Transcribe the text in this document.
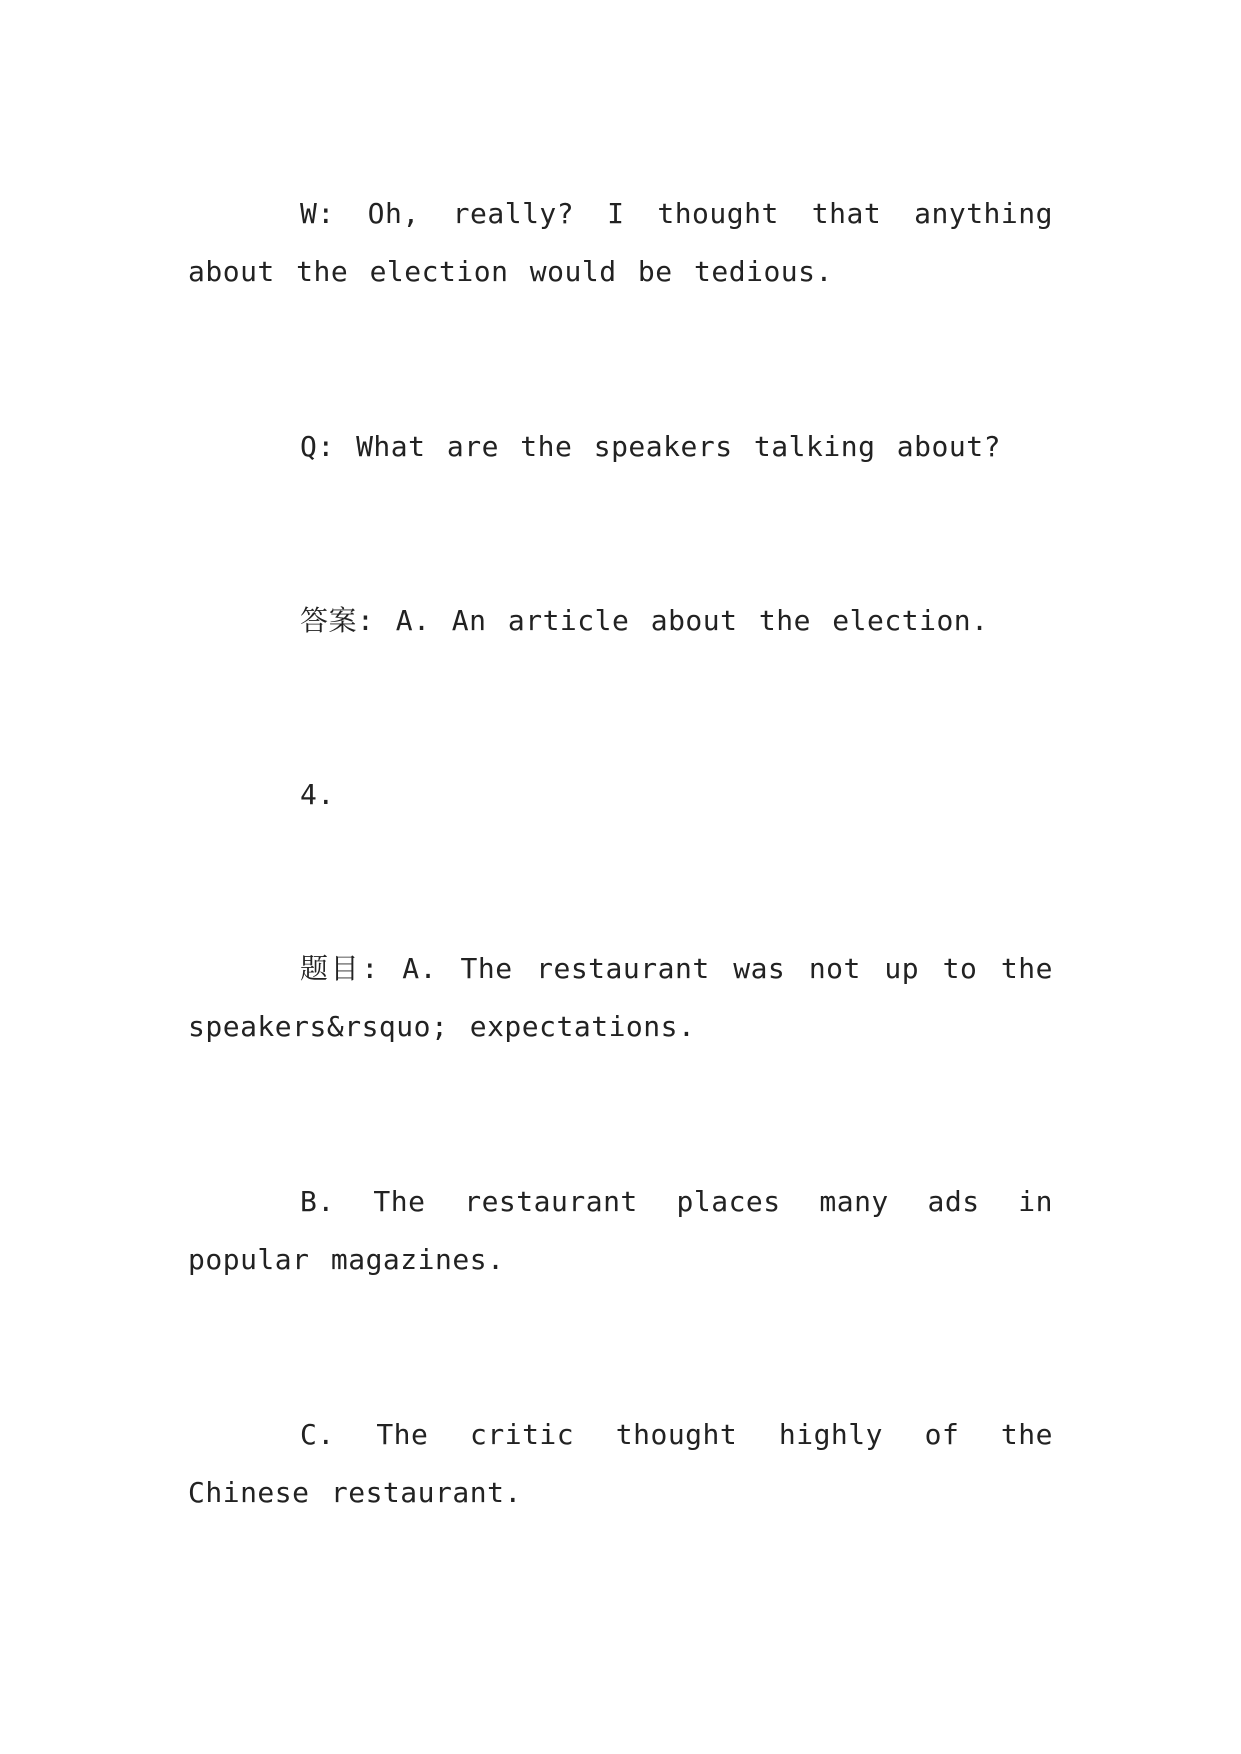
W: Oh, really? I thought that anything about the election would be tedious.

Q: What are the speakers talking about?

答案: A. An article about the election.

4.

题目: A. The restaurant was not up to the speakers&rsquo; expectations.

B. The restaurant places many ads in popular magazines.

C. The critic thought highly of the Chinese restaurant.
